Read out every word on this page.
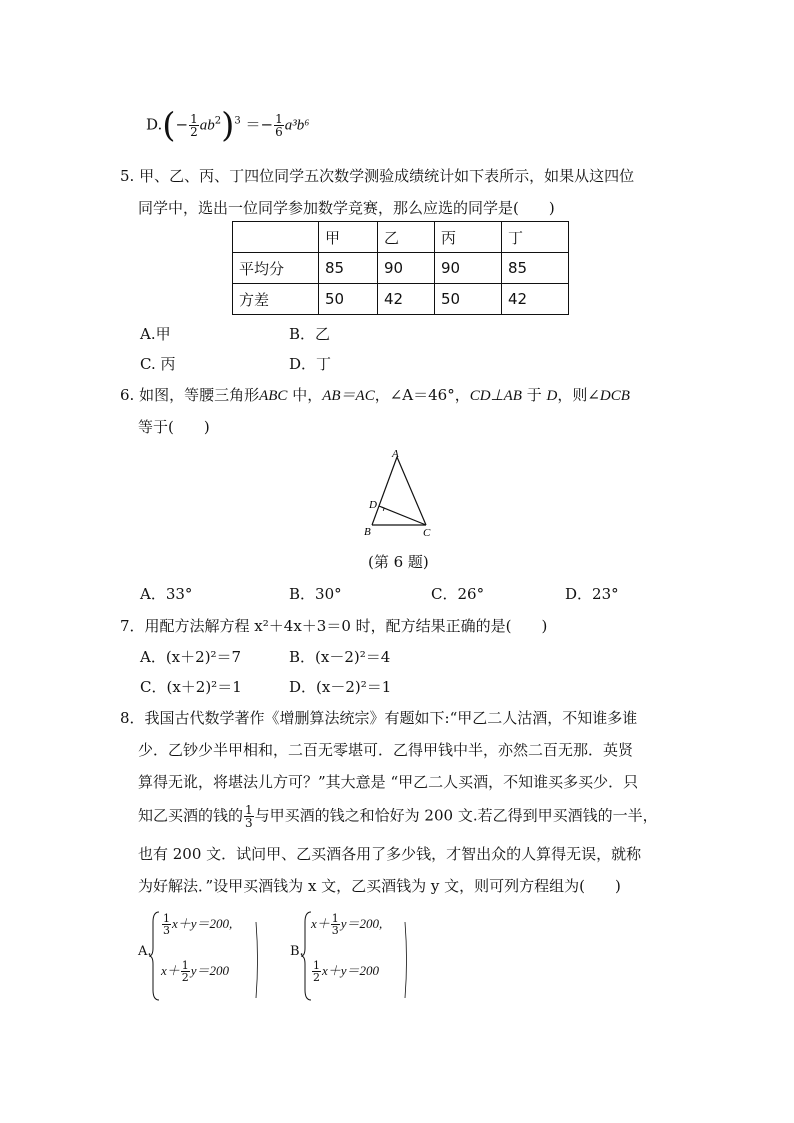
$D.(- \frac{1}{2} ab^2)^3 =- \frac{1}{6} a^3b^6$
5. 甲、乙、丙、丁四位同学五次数学测验成绩统计如下表所示，如果从这四位
同学中，选出一位同学参加数学竞赛，那么应选的同学是(　　)
	甲	乙	丙	丁
平均分	85	90	90	85
方差	50	42	50	42
A.甲	B．乙
C. 丙	D．丁
6. 如图，等腰三角形ABC 中，AB＝AC，∠A＝46°，CD⊥AB 于 D，则∠DCB
等于(　　)
A
B	C
D
(第 6 题)
A．33°	B．30°	C．26°	D．23°
7．用配方法解方程 x²＋4x＋3＝0 时，配方结果正确的是(　　)
A．(x＋2)²＝7	B．(x－2)²＝4
C．(x＋2)²＝1	D．(x－2)²＝1
8．我国古代数学著作《增删算法统宗》有题如下:“甲乙二人沽酒，不知谁多谁
少．乙钞少半甲相和，二百无零堪可．乙得甲钱中半，亦然二百无那．英贤
算得无讹，将堪法儿方可？”其大意是 “甲乙二人买酒，不知谁买多买少．只
知乙买酒的钱的 $\frac{1}{3}$ 与甲买酒的钱之和恰好为 200 文.若乙得到甲买酒钱的一半，
也有 200 文．试问甲、乙买酒各用了多少钱，才智出众的人算得无误，就称
为好解法．”设甲买酒钱为 x 文，乙买酒钱为 y 文，则可列方程组为(　　)
A.
$\frac{1}{3} x+y=200$,
$x+ \frac{1}{2} y=200$
B.
$x+ \frac{1}{3} y=200$,
$\frac{1}{2} x+y=200$
